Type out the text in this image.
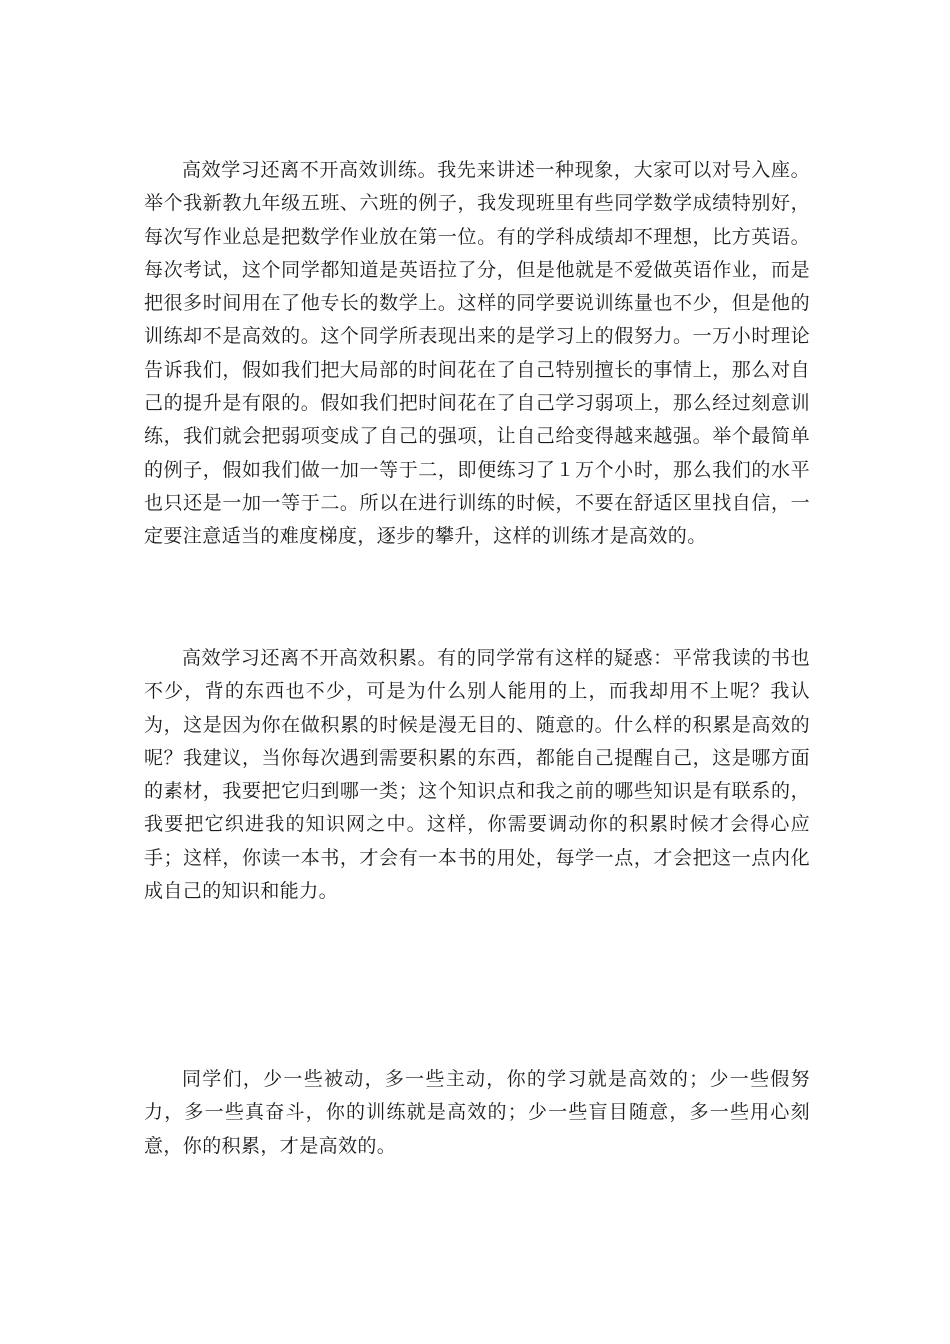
高效学习还离不开高效训练。我先来讲述一种现象，大家可以对号入座。举个我新教九年级五班、六班的例子，我发现班里有些同学数学成绩特别好，每次写作业总是把数学作业放在第一位。有的学科成绩却不理想，比方英语。每次考试，这个同学都知道是英语拉了分，但是他就是不爱做英语作业，而是把很多时间用在了他专长的数学上。这样的同学要说训练量也不少，但是他的训练却不是高效的。这个同学所表现出来的是学习上的假努力。一万小时理论告诉我们，假如我们把大局部的时间花在了自己特别擅长的事情上，那么对自己的提升是有限的。假如我们把时间花在了自己学习弱项上，那么经过刻意训练，我们就会把弱项变成了自己的强项，让自己给变得越来越强。举个最简单的例子，假如我们做一加一等于二，即便练习了１万个小时，那么我们的水平也只还是一加一等于二。所以在进行训练的时候，不要在舒适区里找自信，一定要注意适当的难度梯度，逐步的攀升，这样的训练才是高效的。

高效学习还离不开高效积累。有的同学常有这样的疑惑：平常我读的书也不少，背的东西也不少，可是为什么别人能用的上，而我却用不上呢？我认为，这是因为你在做积累的时候是漫无目的、随意的。什么样的积累是高效的呢？我建议，当你每次遇到需要积累的东西，都能自己提醒自己，这是哪方面的素材，我要把它归到哪一类；这个知识点和我之前的哪些知识是有联系的，我要把它织进我的知识网之中。这样，你需要调动你的积累时候才会得心应手；这样，你读一本书，才会有一本书的用处，每学一点，才会把这一点内化成自己的知识和能力。

同学们，少一些被动，多一些主动，你的学习就是高效的；少一些假努力，多一些真奋斗，你的训练就是高效的；少一些盲目随意，多一些用心刻意，你的积累，才是高效的。
